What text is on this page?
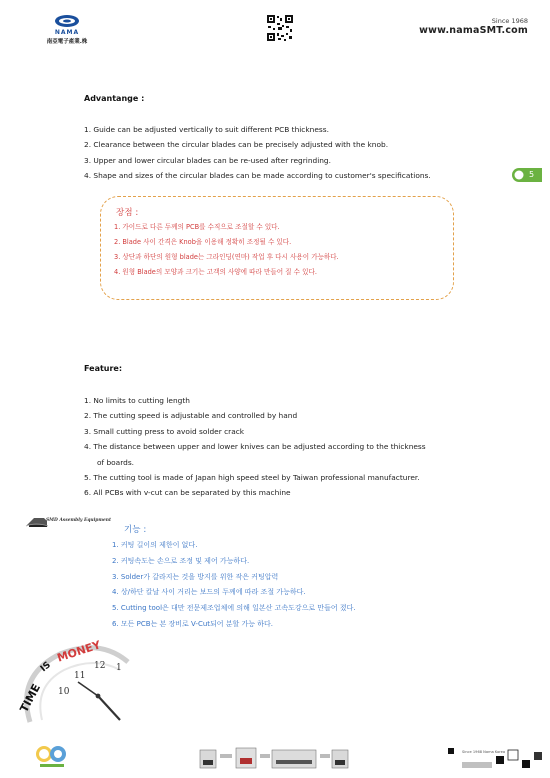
NAMA
南亞電子產業.株
Since 1968
www.namaSMT.com
Advantange :
1. Guide can be adjusted vertically to suit different PCB thickness.
2. Clearance between the circular blades can be precisely adjusted with the knob.
3. Upper and lower circular blades can be re-used after regrinding.
4. Shape and sizes of the circular blades can be made according to customer's specifications.	5
장점 :
1. 가이드로 다른 두께의 PCB를 수직으로 조절할 수 있다.
2. Blade 사이 간격은 Knob을 이용해 정확히 조정될 수 있다.
3. 상단과 하단의 원형 blade는 그라인딩(연마) 작업 후 다시 사용이 가능하다.
4. 원형 Blade의 모양과 크기는 고객의 사양에 따라 만들어 질 수 있다.
Feature:
1. No limits to cutting length
2. The cutting speed is adjustable and controlled by hand
3. Small cutting press to avoid solder crack
4. The distance between upper and lower knives can be adjusted according to the thickness
of boards.
5. The cutting tool is made of Japan high speed steel by Taiwan professional manufacturer.
6. All PCBs with v-cut can be separated by this machine
SMD Assembly Equipment
기능 :
1. 커팅 길이의 제한이 없다.
2. 커팅속도는 손으로 조정 및 제어 가능하다.
3. Solder가 갈라지는 것을 방지를 위한 작은 커팅압력
4. 상/하단 칼날 사이 거리는 보드의 두께에 따라 조절 가능하다.
5. Cutting tool은 대만 전문제조업체에 의해 일본산 고속도강으로 만들어 졌다.
6. 모든 PCB는 본 장비로 V-Cut되어 분할 가능 하다.
TIME
IS
MONEY
10
11
12 1
Since 1968 Nama Korea
